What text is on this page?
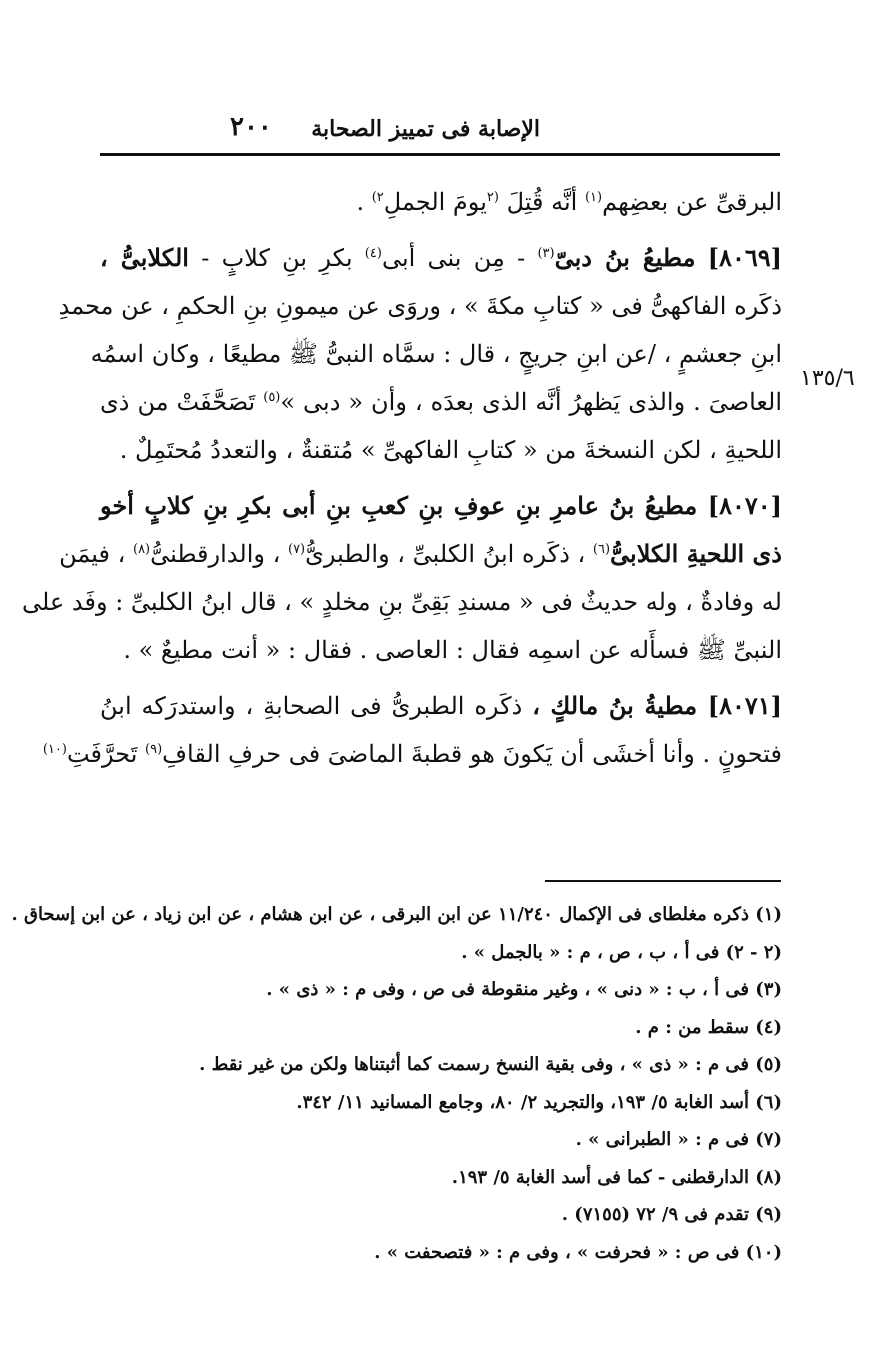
٢٠٠ الإصابة فى تمييز الصحابة
١٣٥/٦
البرقىِّ عن بعضِهم$^{(١)}$ أنَّه قُتِلَ $^{(٢}$يومَ الجملِ$^{٢)}$ .
[٨٠٦٩] مطيعُ بنُ دبىّ$^{(٣)}$ - مِن بنى أبى$^{(٤)}$ بكرِ بنِ كلابٍ - الكلابىُّ ،
ذكَره الفاكهىُّ فى « كتابِ مكةَ » ، وروَى عن ميمونِ بنِ الحكمِ ، عن محمدِ
ابنِ جعشمٍ ، /عن ابنِ جريجٍ ، قال : سمَّاه النبىُّ ﷺ مطيعًا ، وكان اسمُه
العاصىَ . والذى يَظهرُ أنَّه الذى بعدَه ، وأن « دبى »$^{(٥)}$ تَصَحَّفَتْ من ذى
اللحيةِ ، لكن النسخةَ من « كتابِ الفاكهىِّ » مُتقنةٌ ، والتعددُ مُحتَمِلٌ .
[٨٠٧٠] مطيعُ بنُ عامرِ بنِ عوفِ بنِ كعبِ بنِ أبى بكرِ بنِ كلابٍ أخو
ذى اللحيةِ الكلابىُّ$^{(٦)}$ ، ذكَره ابنُ الكلبىِّ ، والطبرىُّ$^{(٧)}$ ، والدارقطنىُّ$^{(٨)}$ ، فيمَن
له وفادةٌ ، وله حديثٌ فى « مسندِ بَقِىِّ بنِ مخلدٍ » ، قال ابنُ الكلبىِّ : وفَد على
النبىِّ ﷺ فسأَله عن اسمِه فقال : العاصى . فقال : « أنت مطيعٌ » .
[٨٠٧١] مطيةُ بنُ مالكٍ ، ذكَره الطبرىُّ فى الصحابةِ ، واستدرَكه ابنُ
فتحونٍ . وأنا أخشَى أن يَكونَ هو قطبةَ الماضىَ فى حرفِ القافِ$^{(٩)}$ تَحرَّفَتِ$^{(١٠)}$
(١) ذكره مغلطاى فى الإكمال ١١/٢٤٠ عن ابن البرقى ، عن ابن هشام ، عن ابن زياد ، عن ابن إسحاق .
(٢ - ٢) فى أ ، ب ، ص ، م : « بالجمل » .
(٣) فى أ ، ب : « دنى » ، وغير منقوطة فى ص ، وفى م : « ذى » .
(٤) سقط من : م .
(٥) فى م : « ذى » ، وفى بقية النسخ رسمت كما أثبتناها ولكن من غير نقط .
(٦) أسد الغابة ٥/ ١٩٣، والتجريد ٢/ ٨٠، وجامع المسانيد ١١/ ٣٤٢.
(٧) فى م : « الطبرانى » .
(٨) الدارقطنى - كما فى أسد الغابة ٥/ ١٩٣.
(٩) تقدم فى ٩/ ٧٢ (٧١٥٥) .
(١٠) فى ص : « فحرفت » ، وفى م : « فتصحفت » .
